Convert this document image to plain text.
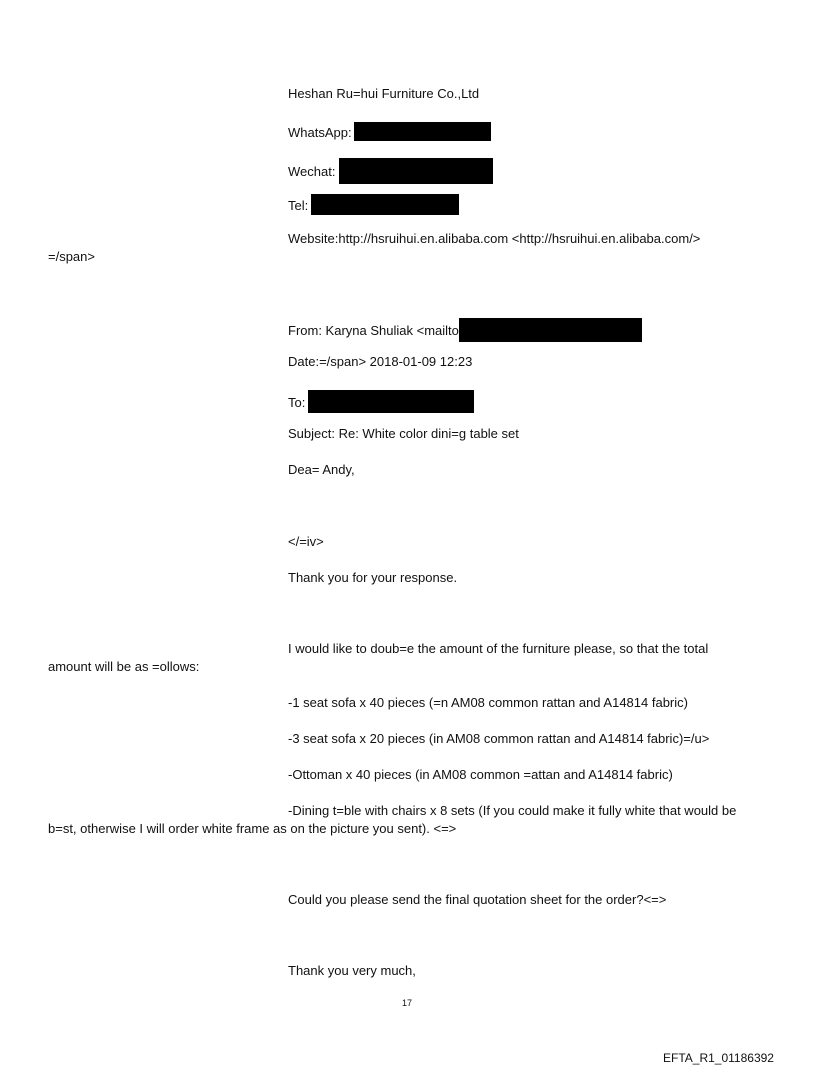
Heshan Ru=hui Furniture Co.,Ltd
WhatsApp:
Wechat:
Tel:
Website:http://hsruihui.en.alibaba.com <http://hsruihui.en.alibaba.com/>
=/span>
From: Karyna Shuliak <mailto
Date:=/span> 2018-01-09 12:23
To:
Subject: Re: White color dini=g table set
Dea= Andy,
</=iv>
Thank you for your response.
I would like to doub=e the amount of the furniture please, so that the total
amount will be as =ollows:
-1 seat sofa x 40 pieces (=n AM08 common rattan and A14814 fabric)
-3 seat sofa x 20 pieces (in AM08 common rattan and A14814 fabric)=/u>
-Ottoman x 40 pieces (in AM08 common =attan and A14814 fabric)
-Dining t=ble with chairs x 8 sets (If you could make it fully white that would be
b=st, otherwise I will order white frame as on the picture you sent). <=>
Could you please send the final quotation sheet for the order?<=>
Thank you very much,
17
EFTA_R1_01186392
